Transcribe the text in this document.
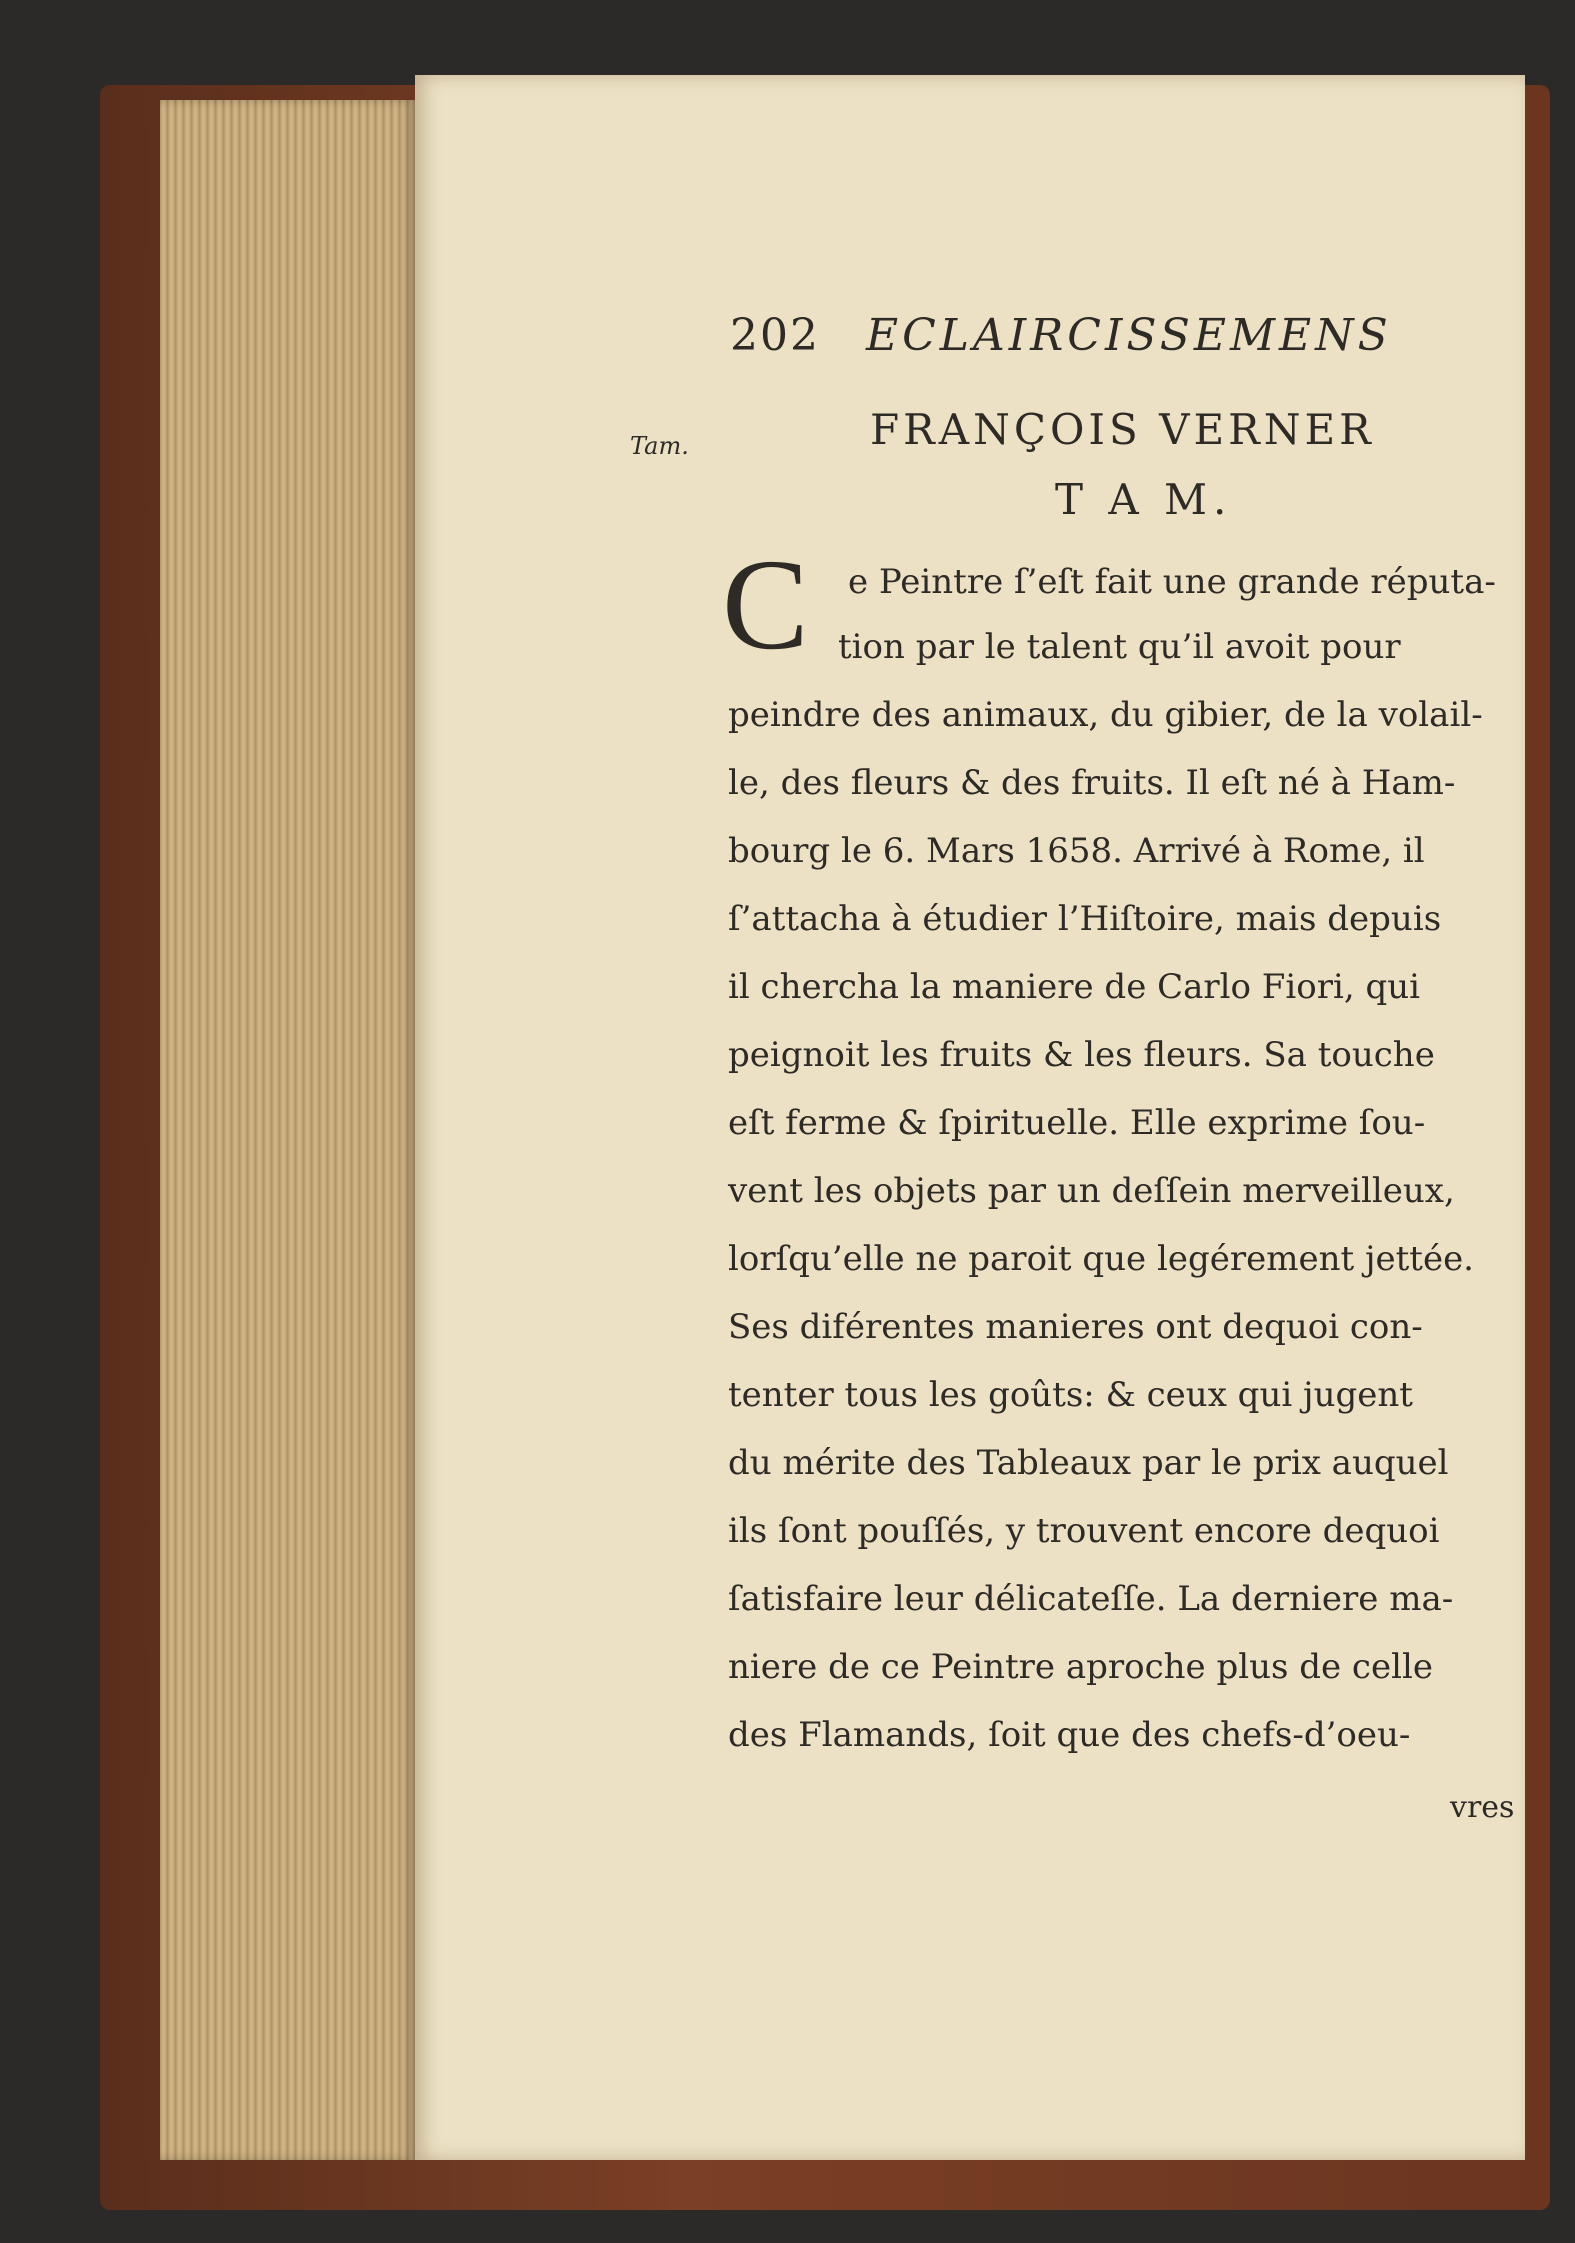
202 ECLAIRCISSEMENS
Tam.	FRANÇOIS VERNER
T A M.
C e Peintre ſ’eſt fait une grande réputa-
tion par le talent qu’il avoit pour
peindre des animaux, du gibier, de la volail-
le, des fleurs & des fruits. Il eſt né à Ham-
bourg le 6. Mars 1658. Arrivé à Rome, il
ſ’attacha à étudier l’Hiſtoire, mais depuis
il chercha la maniere de Carlo Fiori, qui
peignoit les fruits & les fleurs. Sa touche
eſt ferme & ſpirituelle. Elle exprime ſou-
vent les objets par un deſſein merveilleux,
lorſqu’elle ne paroit que legérement jettée.
Ses diférentes manieres ont dequoi con-
tenter tous les goûts: & ceux qui jugent
du mérite des Tableaux par le prix auquel
ils ſont pouſſés, y trouvent encore dequoi
ſatisfaire leur délicateſſe. La derniere ma-
niere de ce Peintre aproche plus de celle
des Flamands, ſoit que des chefs-d’oeu-
vres
